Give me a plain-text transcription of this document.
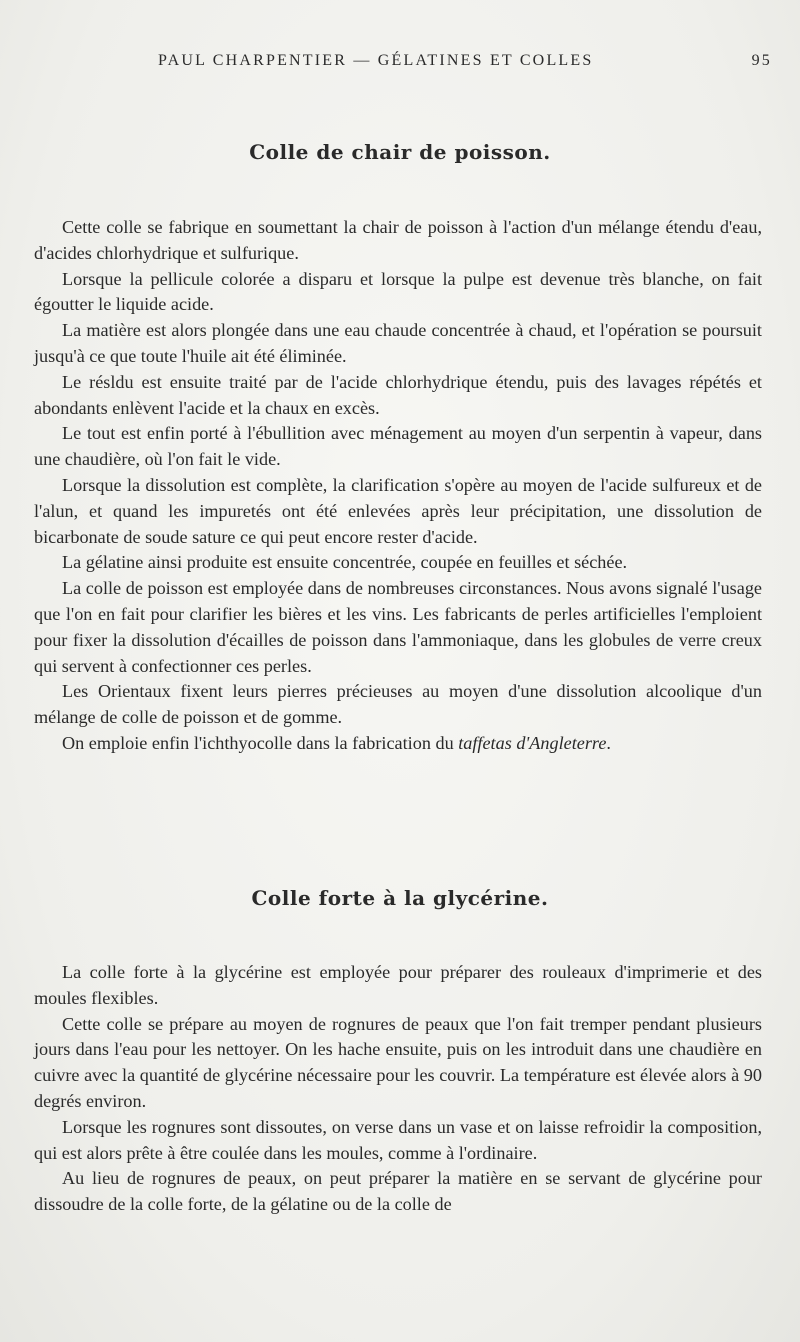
PAUL CHARPENTIER — GÉLATINES ET COLLES	95
Colle de chair de poisson.

Cette colle se fabrique en soumettant la chair de poisson à l'action d'un mélange étendu d'eau, d'acides chlorhydrique et sulfurique.

Lorsque la pellicule colorée a disparu et lorsque la pulpe est devenue très blanche, on fait égoutter le liquide acide.

La matière est alors plongée dans une eau chaude concentrée à chaud, et l'opération se poursuit jusqu'à ce que toute l'huile ait été éliminée.

Le résldu est ensuite traité par de l'acide chlorhydrique étendu, puis des lavages répétés et abondants enlèvent l'acide et la chaux en excès.

Le tout est enfin porté à l'ébullition avec ménagement au moyen d'un serpentin à vapeur, dans une chaudière, où l'on fait le vide.

Lorsque la dissolution est complète, la clarification s'opère au moyen de l'acide sulfureux et de l'alun, et quand les impuretés ont été enlevées après leur précipitation, une dissolution de bicarbonate de soude sature ce qui peut encore rester d'acide.

La gélatine ainsi produite est ensuite concentrée, coupée en feuilles et séchée.

La colle de poisson est employée dans de nombreuses circonstances. Nous avons signalé l'usage que l'on en fait pour clarifier les bières et les vins. Les fabricants de perles artificielles l'emploient pour fixer la dissolution d'écailles de poisson dans l'ammoniaque, dans les globules de verre creux qui servent à confectionner ces perles.

Les Orientaux fixent leurs pierres précieuses au moyen d'une dissolution alcoolique d'un mélange de colle de poisson et de gomme.

On emploie enfin l'ichthyocolle dans la fabrication du taffetas d'Angleterre.

Colle forte à la glycérine.

La colle forte à la glycérine est employée pour préparer des rouleaux d'imprimerie et des moules flexibles.

Cette colle se prépare au moyen de rognures de peaux que l'on fait tremper pendant plusieurs jours dans l'eau pour les nettoyer. On les hache ensuite, puis on les introduit dans une chaudière en cuivre avec la quantité de glycérine nécessaire pour les couvrir. La température est élevée alors à 90 degrés environ.

Lorsque les rognures sont dissoutes, on verse dans un vase et on laisse refroidir la composition, qui est alors prête à être coulée dans les moules, comme à l'ordinaire.

Au lieu de rognures de peaux, on peut préparer la matière en se servant de glycérine pour dissoudre de la colle forte, de la gélatine ou de la colle de
